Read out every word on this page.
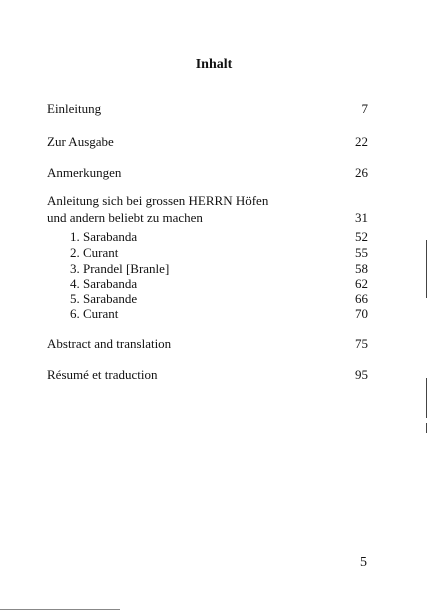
Inhalt
Einleitung	7
Zur Ausgabe	22
Anmerkungen	26
Anleitung sich bei grossen HERRN Höfen
und andern beliebt zu machen	31
1. Sarabanda	52
2. Curant	55
3. Prandel [Branle]	58
4. Sarabanda	62
5. Sarabande	66
6. Curant	70
Abstract and translation	75
Résumé et traduction	95
5
